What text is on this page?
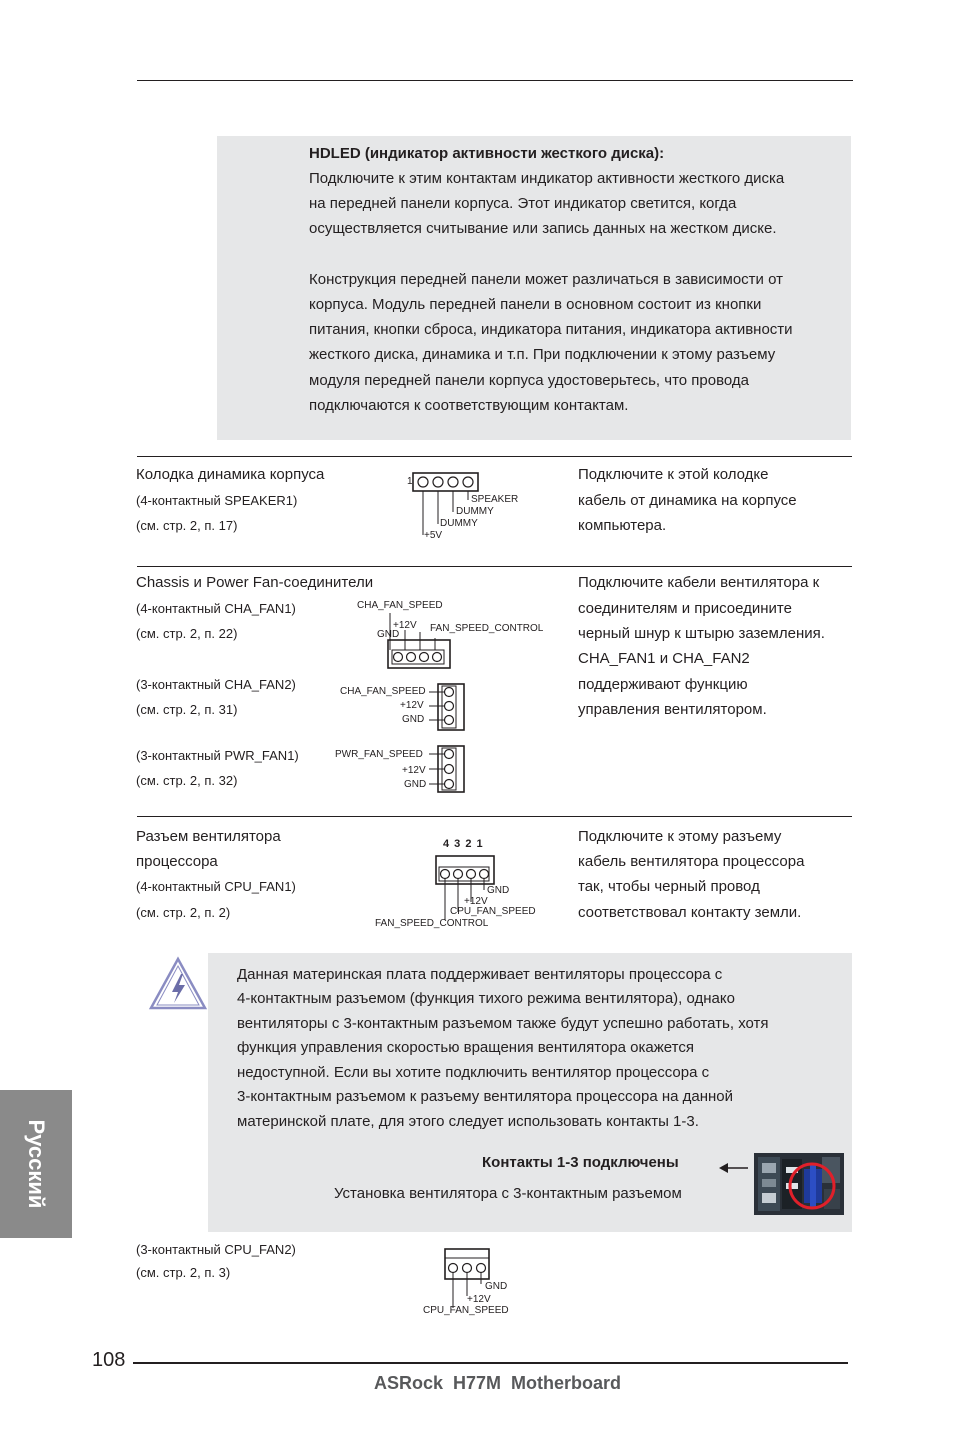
HDLED (индикатор активности жесткого диска):
Подключите к этим контактам индикатор активности жесткого диска
на передней панели корпуса. Этот индикатор светится, когда
осуществляется считывание или запись данных на жестком диске.
Конструкция передней панели может различаться в зависимости от
корпуса. Модуль передней панели в основном состоит из кнопки
питания, кнопки сброса, индикатора питания, индикатора активности
жесткого диска, динамика и т.п. При подключении к этому разъему
модуля передней панели корпуса удостоверьтесь, что провода
подключаются к соответствующим контактам.
Колодка динамика корпуса
(4-контактный SPEAKER1)
(см. стр. 2, п. 17)
Подключите к этой колодке
кабель от динамика на корпусе
компьютера.
1
SPEAKER
DUMMY
DUMMY
+5V
Chassis и Power Fan-соединители
(4-контактный CHA_FAN1)
(см. стр. 2, п. 22)
(3-контактный CHA_FAN2)
(см. стр. 2, п. 31)
(3-контактный PWR_FAN1)
(см. стр. 2, п. 32)
Подключите кабели вентилятора к
соединителям и присоедините
черный шнур к штырю заземления.
CHA_FAN1 и CHA_FAN2
поддерживают функцию
управления вентилятором.
CHA_FAN_SPEED
+12V
GND
FAN_SPEED_CONTROL
CHA_FAN_SPEED
+12V
GND
PWR_FAN_SPEED
+12V
GND
Разъем вентилятора
процессора
(4-контактный CPU_FAN1)
(см. стр. 2, п. 2)
Подключите к этому разъему
кабель вентилятора процессора
так, чтобы черный провод
соответствовал контакту земли.
4 3 2 1
GND
+12V
CPU_FAN_SPEED
FAN_SPEED_CONTROL
Данная материнская плата поддерживает вентиляторы процессора с
4-контактным разъемом (функция тихого режима вентилятора), однако
вентиляторы с 3-контактным разъемом также будут успешно работать, хотя
функция управления скоростью вращения вентилятора окажется
недоступной. Если вы хотите подключить вентилятор процессора с
3-контактным разъемом к разъему вентилятора процессора на данной
материнской плате, для этого следует использовать контакты 1-3.
Контакты 1-3 подключены
Установка вентилятора с 3-контактным разъемом
(3-контактный CPU_FAN2)
(см. стр. 2, п. 3)
GND
+12V
CPU_FAN_SPEED
Русский
108
ASRock  H77M  Motherboard
